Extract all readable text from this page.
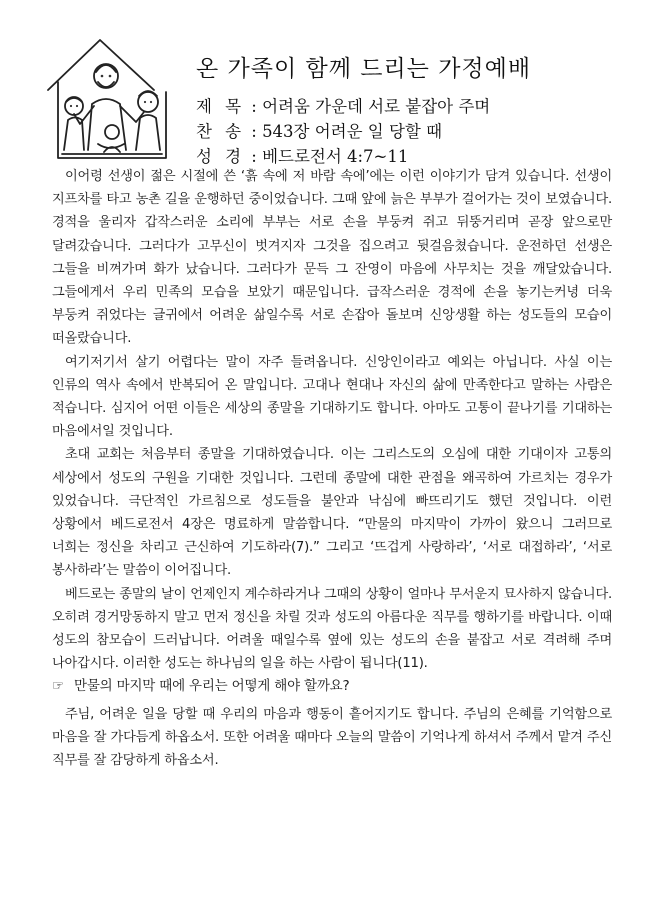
온 가족이 함께 드리는 가정예배
제 목 : 어려움 가운데 서로 붙잡아 주며
찬 송 : 543장 어려운 일 당할 때
성 경 : 베드로전서 4:7~11

이어령 선생이 젊은 시절에 쓴 ‘흙 속에 저 바람 속에’에는 이런 이야기가 담겨 있습니다. 선생이 지프차를 타고 농촌 길을 운행하던 중이었습니다. 그때 앞에 늙은 부부가 걸어가는 것이 보였습니다. 경적을 울리자 갑작스러운 소리에 부부는 서로 손을 부둥켜 쥐고 뒤뚱거리며 곧장 앞으로만 달려갔습니다. 그러다가 고무신이 벗겨지자 그것을 집으려고 뒷걸음쳤습니다. 운전하던 선생은 그들을 비껴가며 화가 났습니다. 그러다가 문득 그 잔영이 마음에 사무치는 것을 깨달았습니다. 그들에게서 우리 민족의 모습을 보았기 때문입니다. 급작스러운 경적에 손을 놓기는커녕 더욱 부둥켜 쥐었다는 글귀에서 어려운 삶일수록 서로 손잡아 돌보며 신앙생활 하는 성도들의 모습이 떠올랐습니다.

여기저기서 살기 어렵다는 말이 자주 들려옵니다. 신앙인이라고 예외는 아닙니다. 사실 이는 인류의 역사 속에서 반복되어 온 말입니다. 고대나 현대나 자신의 삶에 만족한다고 말하는 사람은 적습니다. 심지어 어떤 이들은 세상의 종말을 기대하기도 합니다. 아마도 고통이 끝나기를 기대하는 마음에서일 것입니다.

초대 교회는 처음부터 종말을 기대하였습니다. 이는 그리스도의 오심에 대한 기대이자 고통의 세상에서 성도의 구원을 기대한 것입니다. 그런데 종말에 대한 관점을 왜곡하여 가르치는 경우가 있었습니다. 극단적인 가르침으로 성도들을 불안과 낙심에 빠뜨리기도 했던 것입니다. 이런 상황에서 베드로전서 4장은 명료하게 말씀합니다. “만물의 마지막이 가까이 왔으니 그러므로 너희는 정신을 차리고 근신하여 기도하라(7).” 그리고 ‘뜨겁게 사랑하라’, ‘서로 대접하라’, ‘서로 봉사하라’는 말씀이 이어집니다.

베드로는 종말의 날이 언제인지 계수하라거나 그때의 상황이 얼마나 무서운지 묘사하지 않습니다. 오히려 경거망동하지 말고 먼저 정신을 차릴 것과 성도의 아름다운 직무를 행하기를 바랍니다. 이때 성도의 참모습이 드러납니다. 어려울 때일수록 옆에 있는 성도의 손을 붙잡고 서로 격려해 주며 나아갑시다. 이러한 성도는 하나님의 일을 하는 사람이 됩니다(11).

☞ 만물의 마지막 때에 우리는 어떻게 해야 할까요?

주님, 어려운 일을 당할 때 우리의 마음과 행동이 흩어지기도 합니다. 주님의 은혜를 기억함으로 마음을 잘 가다듬게 하옵소서. 또한 어려울 때마다 오늘의 말씀이 기억나게 하셔서 주께서 맡겨 주신 직무를 잘 감당하게 하옵소서.
